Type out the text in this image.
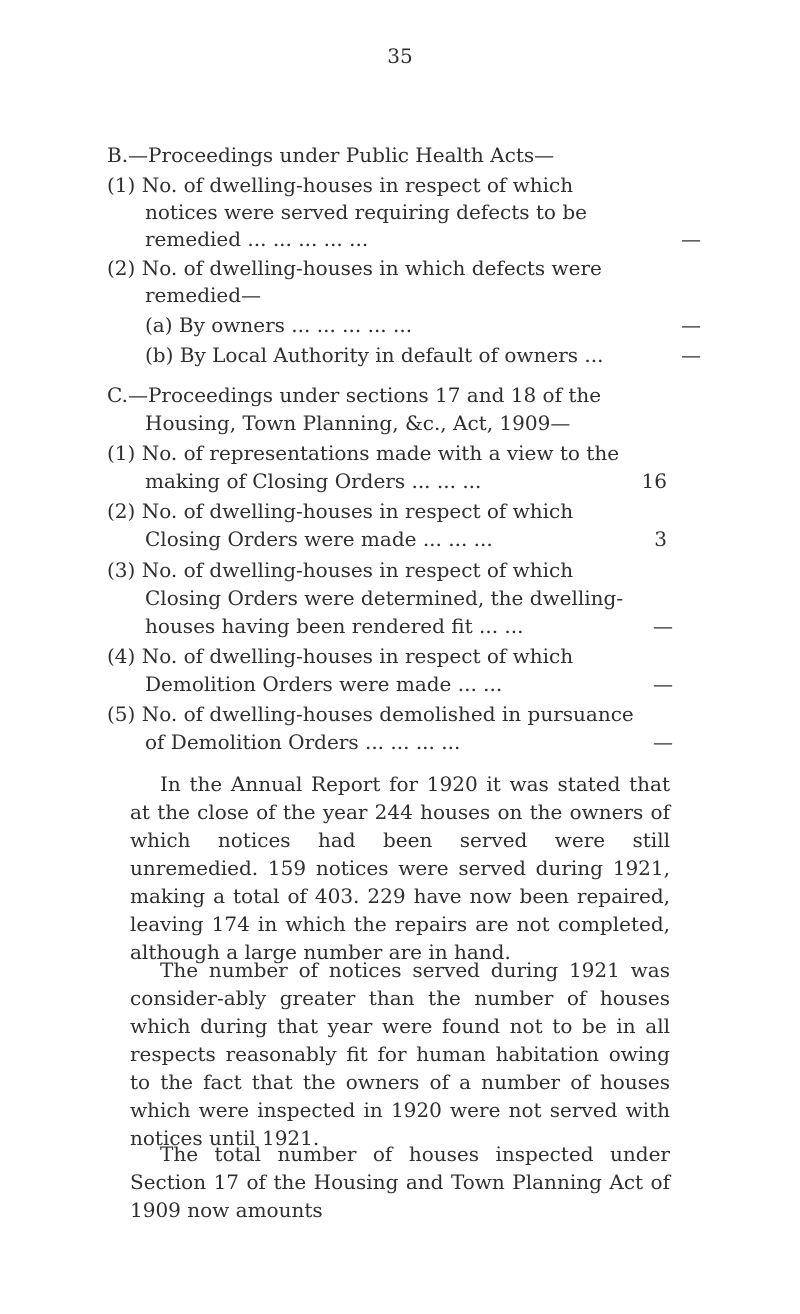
35
B.—Proceedings under Public Health Acts—
(1) No. of dwelling-houses in respect of which
notices were served requiring defects to be
remedied ... ... ... ... ...	—
(2) No. of dwelling-houses in which defects were
remedied—
(a) By owners ... ... ... ... ...	—
(b) By Local Authority in default of owners ...	—
C.—Proceedings under sections 17 and 18 of the
Housing, Town Planning, &c., Act, 1909—
(1) No. of representations made with a view to the
making of Closing Orders ... ... ...	16
(2) No. of dwelling-houses in respect of which
Closing Orders were made ... ... ...	3
(3) No. of dwelling-houses in respect of which
Closing Orders were determined, the dwelling-
houses having been rendered fit ... ...	—
(4) No. of dwelling-houses in respect of which
Demolition Orders were made ... ...	—
(5) No. of dwelling-houses demolished in pursuance
of Demolition Orders ... ... ... ...	—

In the Annual Report for 1920 it was stated that at the close of the year 244 houses on the owners of which notices had been served were still unremedied. 159 notices were served during 1921, making a total of 403. 229 have now been repaired, leaving 174 in which the repairs are not completed, although a large number are in hand.

The number of notices served during 1921 was consider-ably greater than the number of houses which during that year were found not to be in all respects reasonably fit for human habitation owing to the fact that the owners of a number of houses which were inspected in 1920 were not served with notices until 1921.

The total number of houses inspected under Section 17 of the Housing and Town Planning Act of 1909 now amounts
